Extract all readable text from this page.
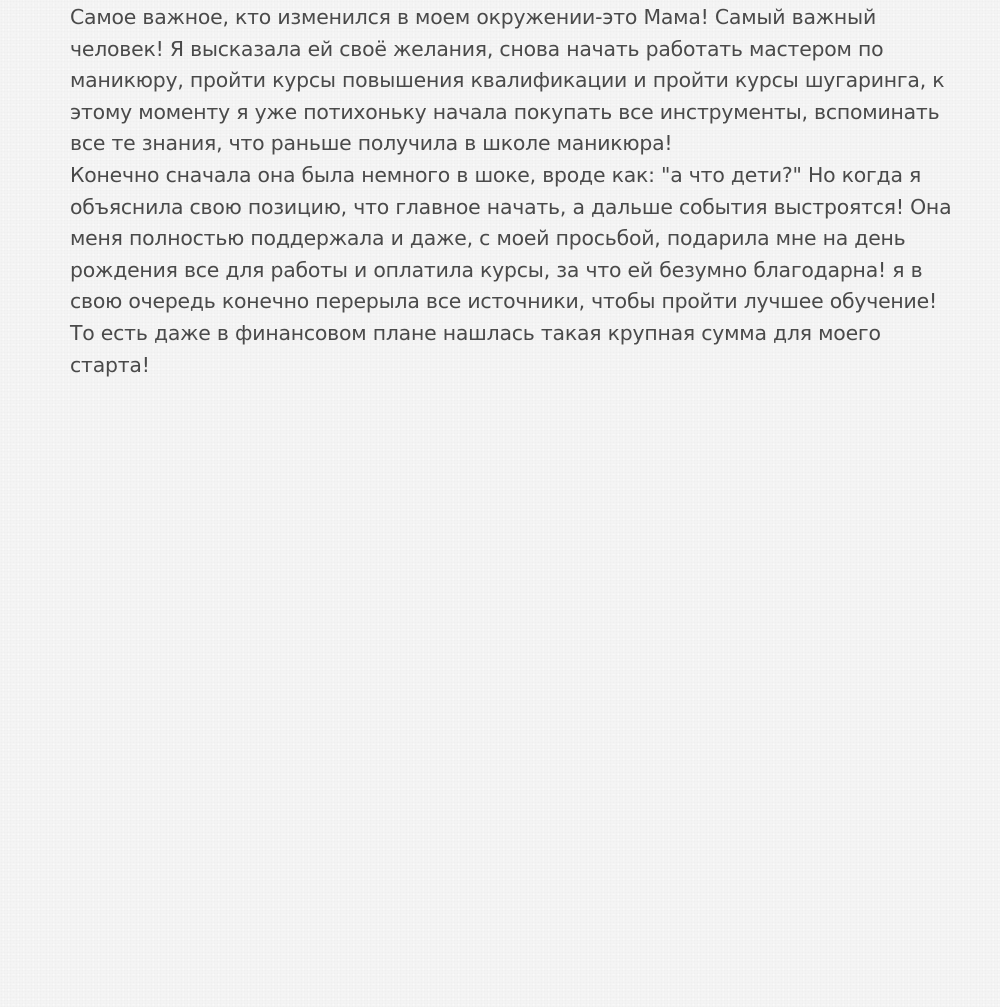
Самое важное, кто изменился в моем окружении-это Мама! Самый важный
человек! Я высказала ей своё желания, снова начать работать мастером по
маникюру, пройти курсы повышения квалификации и пройти курсы шугаринга, к
этому моменту я уже потихоньку начала покупать все инструменты, вспоминать
все те знания, что раньше получила в школе маникюра!
Конечно сначала она была немного в шоке, вроде как: "а что дети?" Но когда я
объяснила свою позицию, что главное начать, а дальше события выстроятся! Она
меня полностью поддержала и даже, с моей просьбой, подарила мне на день
рождения все для работы и оплатила курсы, за что ей безумно благодарна! я в
свою очередь конечно перерыла все источники, чтобы пройти лучшее обучение!
То есть даже в финансовом плане нашлась такая крупная сумма для моего
старта!
